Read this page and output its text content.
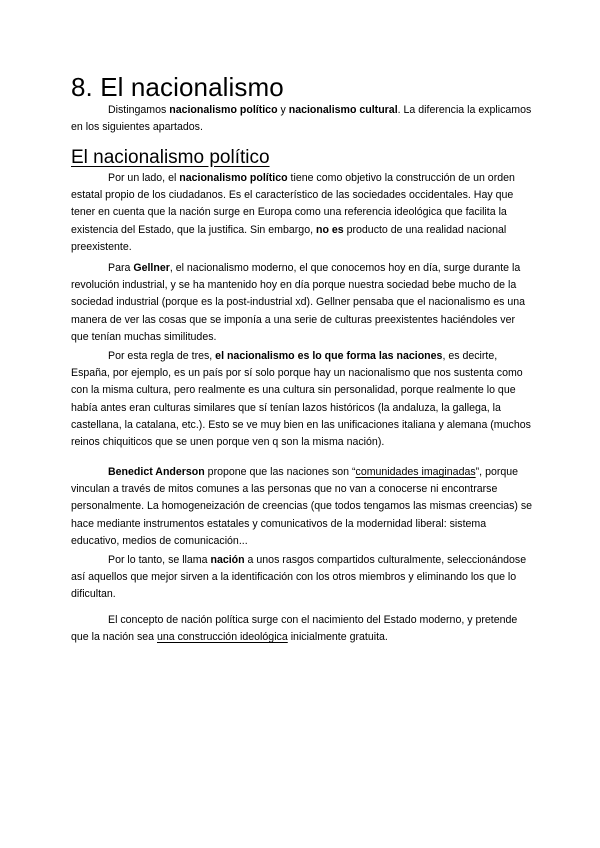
8. El nacionalismo

Distingamos nacionalismo político y nacionalismo cultural. La diferencia la explicamos en los siguientes apartados.

El nacionalismo político

Por un lado, el nacionalismo político tiene como objetivo la construcción de un orden estatal propio de los ciudadanos. Es el característico de las sociedades occidentales. Hay que tener en cuenta que la nación surge en Europa como una referencia ideológica que facilita la existencia del Estado, que la justifica. Sin embargo, no es producto de una realidad nacional preexistente.

Para Gellner, el nacionalismo moderno, el que conocemos hoy en día, surge durante la revolución industrial, y se ha mantenido hoy en día porque nuestra sociedad bebe mucho de la sociedad industrial (porque es la post-industrial xd). Gellner pensaba que el nacionalismo es una manera de ver las cosas que se imponía a una serie de culturas preexistentes haciéndoles ver que tenían muchas similitudes.

Por esta regla de tres, el nacionalismo es lo que forma las naciones, es decirte, España, por ejemplo, es un país por sí solo porque hay un nacionalismo que nos sustenta como con la misma cultura, pero realmente es una cultura sin personalidad, porque realmente lo que había antes eran culturas similares que sí tenían lazos históricos (la andaluza, la gallega, la castellana, la catalana, etc.). Esto se ve muy bien en las unificaciones italiana y alemana (muchos reinos chiquiticos que se unen porque ven q son la misma nación).

Benedict Anderson propone que las naciones son “comunidades imaginadas”, porque vinculan a través de mitos comunes a las personas que no van a conocerse ni encontrarse personalmente. La homogeneización de creencias (que todos tengamos las mismas creencias) se hace mediante instrumentos estatales y comunicativos de la modernidad liberal: sistema educativo, medios de comunicación...

Por lo tanto, se llama nación a unos rasgos compartidos culturalmente, seleccionándose así aquellos que mejor sirven a la identificación con los otros miembros y eliminando los que lo dificultan.

El concepto de nación política surge con el nacimiento del Estado moderno, y pretende que la nación sea una construcción ideológica inicialmente gratuita.
